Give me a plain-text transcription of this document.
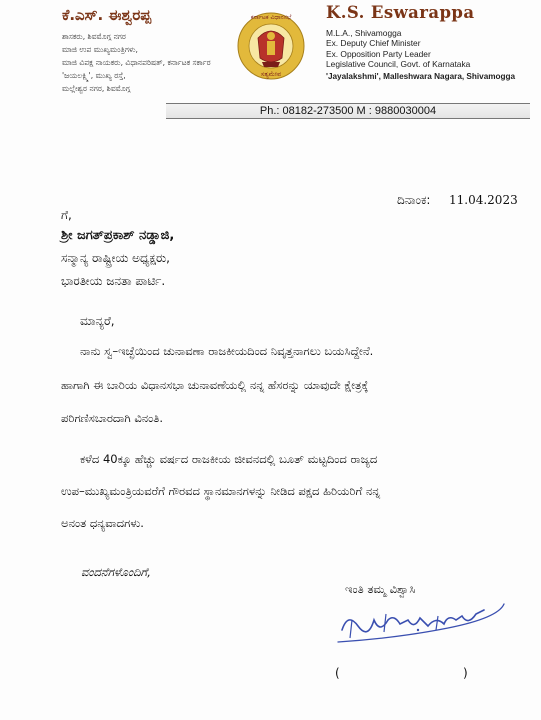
ಕೆ.ಎಸ್. ಈಶ್ವರಪ್ಪ
ಶಾಸಕರು, ಶಿವಮೊಗ್ಗ ನಗರ
ಮಾಜಿ ಉಪ ಮುಖ್ಯಮಂತ್ರಿಗಳು,
ಮಾಜಿ ವಿಪಕ್ಷ ನಾಯಕರು, ವಿಧಾನಪರಿಷತ್, ಕರ್ನಾಟಕ ಸರ್ಕಾರ
'ಜಯಲಕ್ಷ್ಮಿ', ಮುಖ್ಯ ರಸ್ತೆ,
ಮಲ್ಲೇಶ್ವರ ನಗರ, ಶಿವಮೊಗ್ಗ
ಕರ್ನಾಟಕ ವಿಧಾನಸಭೆ
ಸತ್ಯಮೇವ
K.S. Eswarappa
M.L.A., Shivamogga
Ex. Deputy Chief Minister
Ex. Opposition Party Leader
Legislative Council, Govt. of Karnataka
'Jayalakshmi', Malleshwara Nagara, Shivamogga
Ph.: 08182-273500 M : 9880030004
ದಿನಾಂಕ: 11.04.2023
ಗೆ,
ಶ್ರೀ ಜಗತ್‌ಪ್ರಕಾಶ್ ನಡ್ಡಾಜಿ,
ಸನ್ಮಾನ್ಯ ರಾಷ್ಟ್ರೀಯ ಅಧ್ಯಕ್ಷರು,
ಭಾರತೀಯ ಜನತಾ ಪಾರ್ಟಿ.
ಮಾನ್ಯರೆ,
ನಾನು ಸ್ವ–ಇಚ್ಛೆಯಿಂದ ಚುನಾವಣಾ ರಾಜಕೀಯದಿಂದ ನಿವೃತ್ತನಾಗಲು ಬಯಸಿದ್ದೇನೆ.
ಹಾಗಾಗಿ ಈ ಬಾರಿಯ ವಿಧಾನಸಭಾ ಚುನಾವಣೆಯಲ್ಲಿ ನನ್ನ ಹೆಸರನ್ನು ಯಾವುದೇ ಕ್ಷೇತ್ರಕ್ಕೆ
ಪರಿಗಣಿಸಬಾರದಾಗಿ ವಿನಂತಿ.
ಕಳೆದ 40ಕ್ಕೂ ಹೆಚ್ಚು ವರ್ಷದ ರಾಜಕೀಯ ಜೀವನದಲ್ಲಿ ಬೂತ್ ಮಟ್ಟದಿಂದ ರಾಜ್ಯದ
ಉಪ–ಮುಖ್ಯಮಂತ್ರಿಯವರೆಗೆ ಗೌರವದ ಸ್ಥಾನಮಾನಗಳನ್ನು ನೀಡಿದ ಪಕ್ಷದ ಹಿರಿಯರಿಗೆ ನನ್ನ
ಅನಂತ ಧನ್ಯವಾದಗಳು.
ವಂದನೆಗಳೊಂದಿಗೆ,
ಇಂತಿ ತಮ್ಮ ವಿಶ್ವಾಸಿ
(	)
